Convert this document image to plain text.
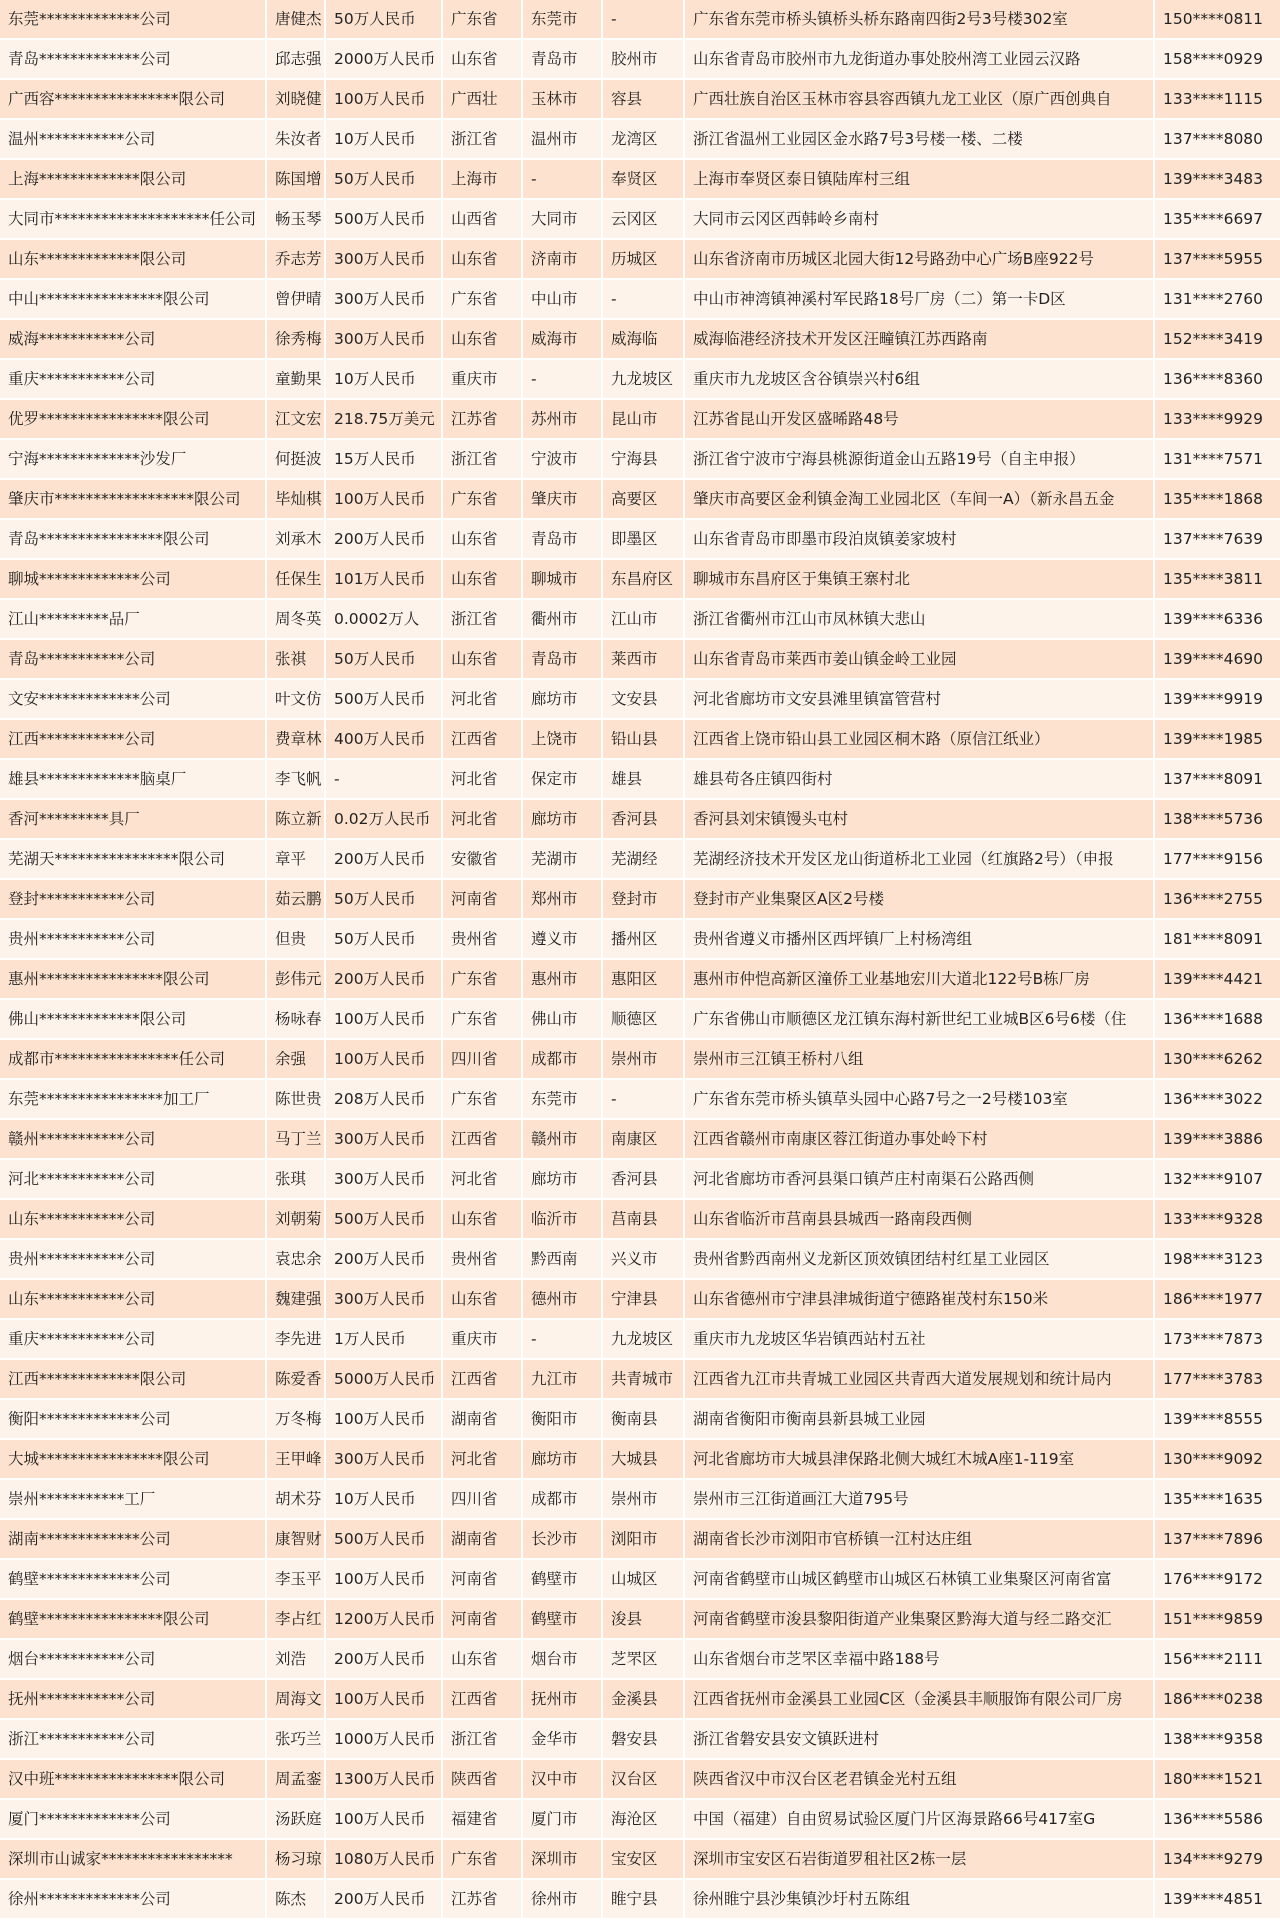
东莞*************公司	唐健杰	50万人民币	广东省	东莞市	-	广东省东莞市桥头镇桥头桥东路南四街2号3号楼302室	150****0811
青岛*************公司	邱志强	2000万人民币	山东省	青岛市	胶州市	山东省青岛市胶州市九龙街道办事处胶州湾工业园云汉路	158****0929
广西容****************限公司	刘晓健	100万人民币	广西壮	玉林市	容县	广西壮族自治区玉林市容县容西镇九龙工业区（原广西创典自	133****1115
温州***********公司	朱汝者	10万人民币	浙江省	温州市	龙湾区	浙江省温州工业园区金水路7号3号楼一楼、二楼	137****8080
上海*************限公司	陈国增	50万人民币	上海市	-	奉贤区	上海市奉贤区泰日镇陆库村三组	139****3483
大同市********************任公司	畅玉琴	500万人民币	山西省	大同市	云冈区	大同市云冈区西韩岭乡南村	135****6697
山东*************限公司	乔志芳	300万人民币	山东省	济南市	历城区	山东省济南市历城区北园大街12号路劲中心广场B座922号	137****5955
中山****************限公司	曾伊晴	300万人民币	广东省	中山市	-	中山市神湾镇神溪村军民路18号厂房（二）第一卡D区	131****2760
威海***********公司	徐秀梅	300万人民币	山东省	威海市	威海临	威海临港经济技术开发区汪疃镇江苏西路南	152****3419
重庆***********公司	童勤果	10万人民币	重庆市	-	九龙坡区	重庆市九龙坡区含谷镇崇兴村6组	136****8360
优罗****************限公司	江文宏	218.75万美元	江苏省	苏州市	昆山市	江苏省昆山开发区盛晞路48号	133****9929
宁海*************沙发厂	何挺波	15万人民币	浙江省	宁波市	宁海县	浙江省宁波市宁海县桃源街道金山五路19号（自主申报）	131****7571
肇庆市******************限公司	毕灿棋	100万人民币	广东省	肇庆市	高要区	肇庆市高要区金利镇金淘工业园北区（车间一A）（新永昌五金	135****1868
青岛****************限公司	刘承木	200万人民币	山东省	青岛市	即墨区	山东省青岛市即墨市段泊岚镇姜家坡村	137****7639
聊城*************公司	任保生	101万人民币	山东省	聊城市	东昌府区	聊城市东昌府区于集镇王寨村北	135****3811
江山*********品厂	周冬英	0.0002万人	浙江省	衢州市	江山市	浙江省衢州市江山市凤林镇大悲山	139****6336
青岛***********公司	张祺	50万人民币	山东省	青岛市	莱西市	山东省青岛市莱西市姜山镇金岭工业园	139****4690
文安*************公司	叶文仿	500万人民币	河北省	廊坊市	文安县	河北省廊坊市文安县滩里镇富管营村	139****9919
江西***********公司	费章林	400万人民币	江西省	上饶市	铅山县	江西省上饶市铅山县工业园区桐木路（原信江纸业）	139****1985
雄县*************脑桌厂	李飞帆	-	河北省	保定市	雄县	雄县苟各庄镇四街村	137****8091
香河*********具厂	陈立新	0.02万人民币	河北省	廊坊市	香河县	香河县刘宋镇馒头屯村	138****5736
芜湖天****************限公司	章平	200万人民币	安徽省	芜湖市	芜湖经	芜湖经济技术开发区龙山街道桥北工业园（红旗路2号）（申报	177****9156
登封***********公司	茹云鹏	50万人民币	河南省	郑州市	登封市	登封市产业集聚区A区2号楼	136****2755
贵州***********公司	但贵	50万人民币	贵州省	遵义市	播州区	贵州省遵义市播州区西坪镇厂上村杨湾组	181****8091
惠州****************限公司	彭伟元	200万人民币	广东省	惠州市	惠阳区	惠州市仲恺高新区潼侨工业基地宏川大道北122号B栋厂房	139****4421
佛山*************限公司	杨咏春	100万人民币	广东省	佛山市	顺德区	广东省佛山市顺德区龙江镇东海村新世纪工业城B区6号6楼（住	136****1688
成都市****************任公司	余强	100万人民币	四川省	成都市	崇州市	崇州市三江镇王桥村八组	130****6262
东莞****************加工厂	陈世贵	208万人民币	广东省	东莞市	-	广东省东莞市桥头镇草头园中心路7号之一2号楼103室	136****3022
赣州***********公司	马丁兰	300万人民币	江西省	赣州市	南康区	江西省赣州市南康区蓉江街道办事处岭下村	139****3886
河北***********公司	张琪	300万人民币	河北省	廊坊市	香河县	河北省廊坊市香河县渠口镇芦庄村南渠石公路西侧	132****9107
山东***********公司	刘朝菊	500万人民币	山东省	临沂市	莒南县	山东省临沂市莒南县县城西一路南段西侧	133****9328
贵州***********公司	袁忠余	200万人民币	贵州省	黔西南	兴义市	贵州省黔西南州义龙新区顶效镇团结村红星工业园区	198****3123
山东***********公司	魏建强	300万人民币	山东省	德州市	宁津县	山东省德州市宁津县津城街道宁德路崔茂村东150米	186****1977
重庆***********公司	李先进	1万人民币	重庆市	-	九龙坡区	重庆市九龙坡区华岩镇西站村五社	173****7873
江西*************限公司	陈爱香	5000万人民币	江西省	九江市	共青城市	江西省九江市共青城工业园区共青西大道发展规划和统计局内	177****3783
衡阳*************公司	万冬梅	100万人民币	湖南省	衡阳市	衡南县	湖南省衡阳市衡南县新县城工业园	139****8555
大城****************限公司	王甲峰	300万人民币	河北省	廊坊市	大城县	河北省廊坊市大城县津保路北侧大城红木城A座1-119室	130****9092
崇州***********工厂	胡术芬	10万人民币	四川省	成都市	崇州市	崇州市三江街道画江大道795号	135****1635
湖南*************公司	康智财	500万人民币	湖南省	长沙市	浏阳市	湖南省长沙市浏阳市官桥镇一江村达庄组	137****7896
鹤壁*************公司	李玉平	100万人民币	河南省	鹤壁市	山城区	河南省鹤壁市山城区鹤壁市山城区石林镇工业集聚区河南省富	176****9172
鹤壁****************限公司	李占红	1200万人民币	河南省	鹤壁市	浚县	河南省鹤壁市浚县黎阳街道产业集聚区黔海大道与经二路交汇	151****9859
烟台***********公司	刘浩	200万人民币	山东省	烟台市	芝罘区	山东省烟台市芝罘区幸福中路188号	156****2111
抚州***********公司	周海文	100万人民币	江西省	抚州市	金溪县	江西省抚州市金溪县工业园C区（金溪县丰顺服饰有限公司厂房	186****0238
浙江***********公司	张巧兰	1000万人民币	浙江省	金华市	磐安县	浙江省磐安县安文镇跃进村	138****9358
汉中班****************限公司	周孟銮	1300万人民币	陕西省	汉中市	汉台区	陕西省汉中市汉台区老君镇金光村五组	180****1521
厦门*************公司	汤跃庭	100万人民币	福建省	厦门市	海沧区	中国（福建）自由贸易试验区厦门片区海景路66号417室G	136****5586
深圳市山诚家*****************	杨习琼	1080万人民币	广东省	深圳市	宝安区	深圳市宝安区石岩街道罗租社区2栋一层	134****9279
徐州*************公司	陈杰	200万人民币	江苏省	徐州市	睢宁县	徐州睢宁县沙集镇沙圩村五陈组	139****4851
